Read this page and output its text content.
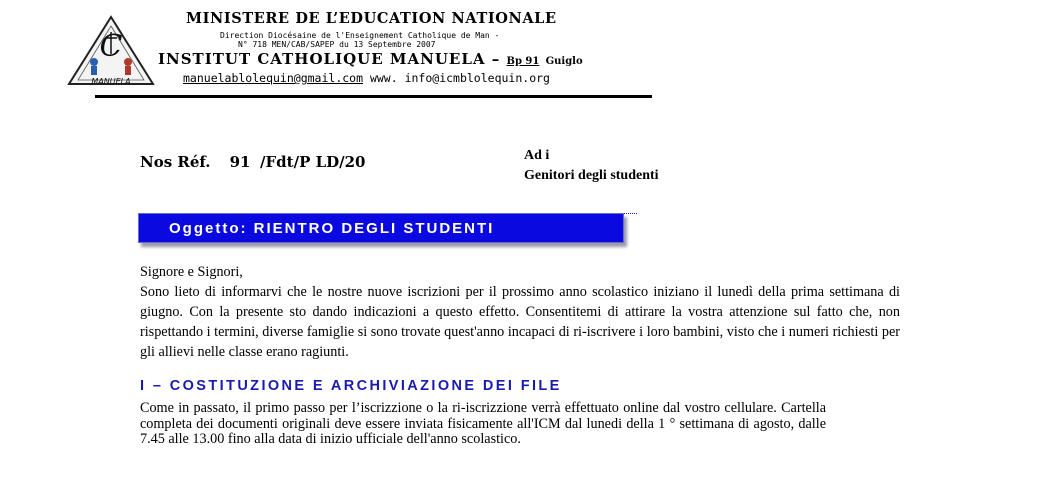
C
MANUELA
MINISTERE DE L’EDUCATION NATIONALE
Direction Diocésaine de l'Enseignement Catholique de Man -
N° 718 MEN/CAB/SAPEP du 13 Septembre 2007
INSTITUT CATHOLIQUE MANUELA – Bp 91 Guiglo
manuelablolequin@gmail.com www. info@icmblolequin.org
Nos Réf. 91 /Fdt/P LD/20	Ad i
Genitori degli studenti
Oggetto: RIENTRO DEGLI STUDENTI

Signore e Signori,

Sono lieto di informarvi che le nostre nuove iscrizioni per il prossimo anno scolastico iniziano il lunedì della prima settimana di giugno. Con la presente sto dando indicazioni a questo effetto. Consentitemi di attirare la vostra attenzione sul fatto che, non rispettando i termini, diverse famiglie si sono trovate quest'anno incapaci di ri-iscrivere i loro bambini, visto che i numeri richiesti per gli allievi nelle classe erano ragiunti.

I – COSTITUZIONE E ARCHIVIAZIONE DEI FILE

Come in passato, il primo passo per l’iscrizzione o la ri-iscrizzione verrà effettuato online dal vostro cellulare. Cartella completa dei documenti originali deve essere inviata fisicamente all'ICM dal lunedi della 1 ° settimana di agosto, dalle 7.45 alle 13.00 fino alla data di inizio ufficiale dell'anno scolastico.
